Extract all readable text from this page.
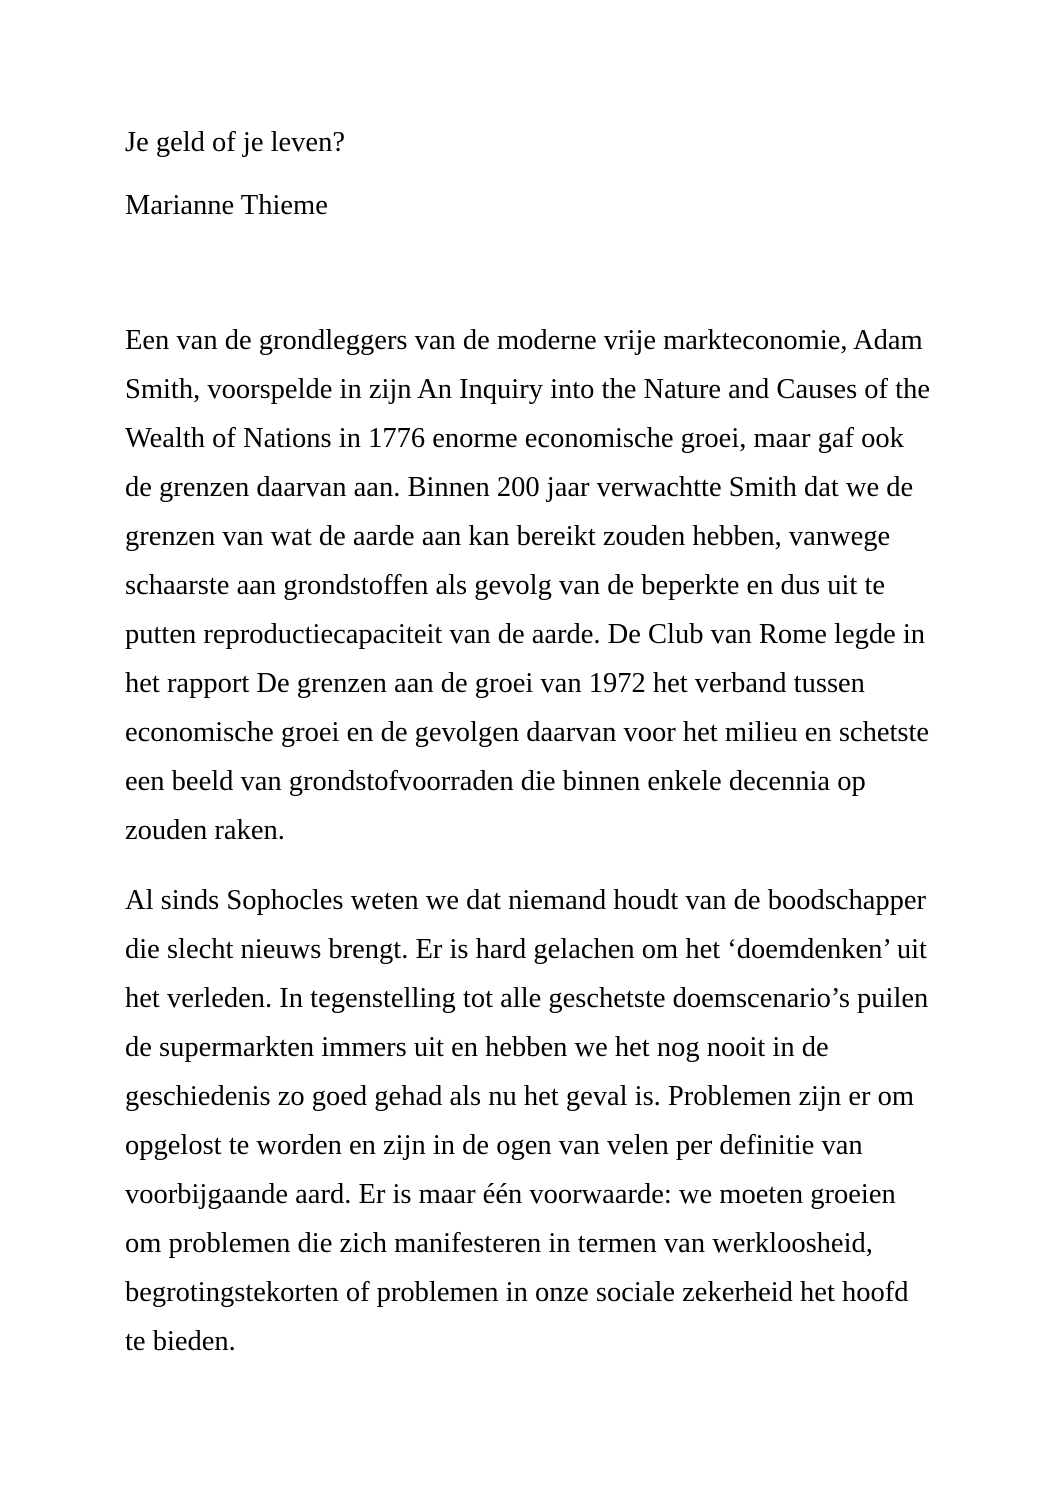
Je geld of je leven?
Marianne Thieme
Een van de grondleggers van de moderne vrije markteconomie, Adam
Smith, voorspelde in zijn An Inquiry into the Nature and Causes of the
Wealth of Nations in 1776 enorme economische groei, maar gaf ook
de grenzen daarvan aan. Binnen 200 jaar verwachtte Smith dat we de
grenzen van wat de aarde aan kan bereikt zouden hebben, vanwege
schaarste aan grondstoffen als gevolg van de beperkte en dus uit te
putten reproductiecapaciteit van de aarde. De Club van Rome legde in
het rapport De grenzen aan de groei van 1972 het verband tussen
economische groei en de gevolgen daarvan voor het milieu en schetste
een beeld van grondstofvoorraden die binnen enkele decennia op
zouden raken.
Al sinds Sophocles weten we dat niemand houdt van de boodschapper
die slecht nieuws brengt. Er is hard gelachen om het ‘doemdenken’ uit
het verleden. In tegenstelling tot alle geschetste doemscenario’s puilen
de supermarkten immers uit en hebben we het nog nooit in de
geschiedenis zo goed gehad als nu het geval is. Problemen zijn er om
opgelost te worden en zijn in de ogen van velen per definitie van
voorbijgaande aard. Er is maar één voorwaarde: we moeten groeien
om problemen die zich manifesteren in termen van werkloosheid,
begrotingstekorten of problemen in onze sociale zekerheid het hoofd
te bieden.
